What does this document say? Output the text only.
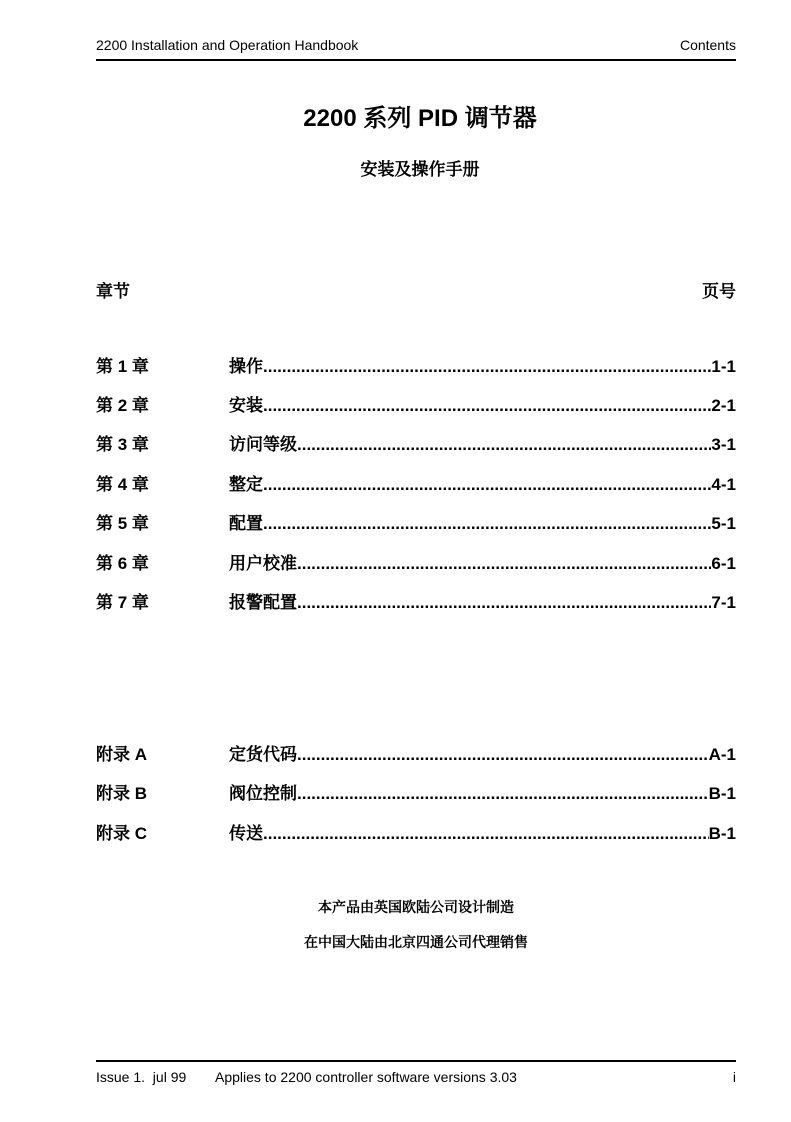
2200 Installation and Operation Handbook	Contents
2200 系列 PID 调节器
安装及操作手册
章节	页号
第 1 章	操作 .....	1-1
第 2 章	安装 .....	2-1
第 3 章	访问等级 .....	3-1
第 4 章	整定 .....	4-1
第 5 章	配置 .....	5-1
第 6 章	用户校准 .....	6-1
第 7 章	报警配置 .....	7-1
附录 A	定货代码 .....	A-1
附录 B	阀位控制 .....	B-1
附录 C	传送 .....	B-1
本产品由英国欧陆公司设计制造
在中国大陆由北京四通公司代理销售
Issue 1.  jul 99 Applies to 2200 controller software versions 3.03	i
